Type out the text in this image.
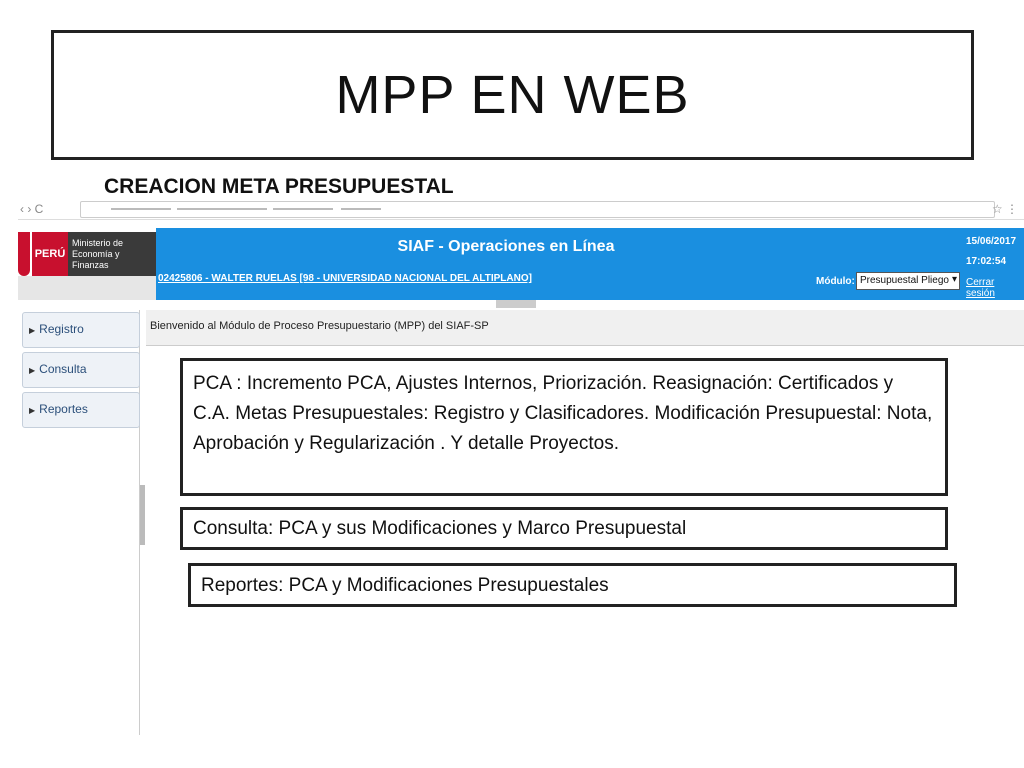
MPP EN WEB
CREACION META PRESUPUESTAL
‹ › C	☆ ⋮
PERÚ
Ministerio de Economía y Finanzas
SIAF - Operaciones en Línea	15/06/2017
17:02:54
02425806 - WALTER RUELAS [98 - UNIVERSIDAD NACIONAL DEL ALTIPLANO]	Módulo: Presupuestal Pliego ▾ Cerrar sesión
▶ Registro
▶ Consulta
▶ Reportes
Bienvenido al Módulo de Proceso Presupuestario (MPP) del SIAF-SP
PCA : Incremento PCA, Ajustes Internos, Priorización. Reasignación: Certificados y C.A. Metas Presupuestales: Registro y Clasificadores. Modificación Presupuestal: Nota, Aprobación y Regularización . Y detalle Proyectos.
Consulta: PCA y sus Modificaciones y Marco Presupuestal
Reportes: PCA y Modificaciones Presupuestales
